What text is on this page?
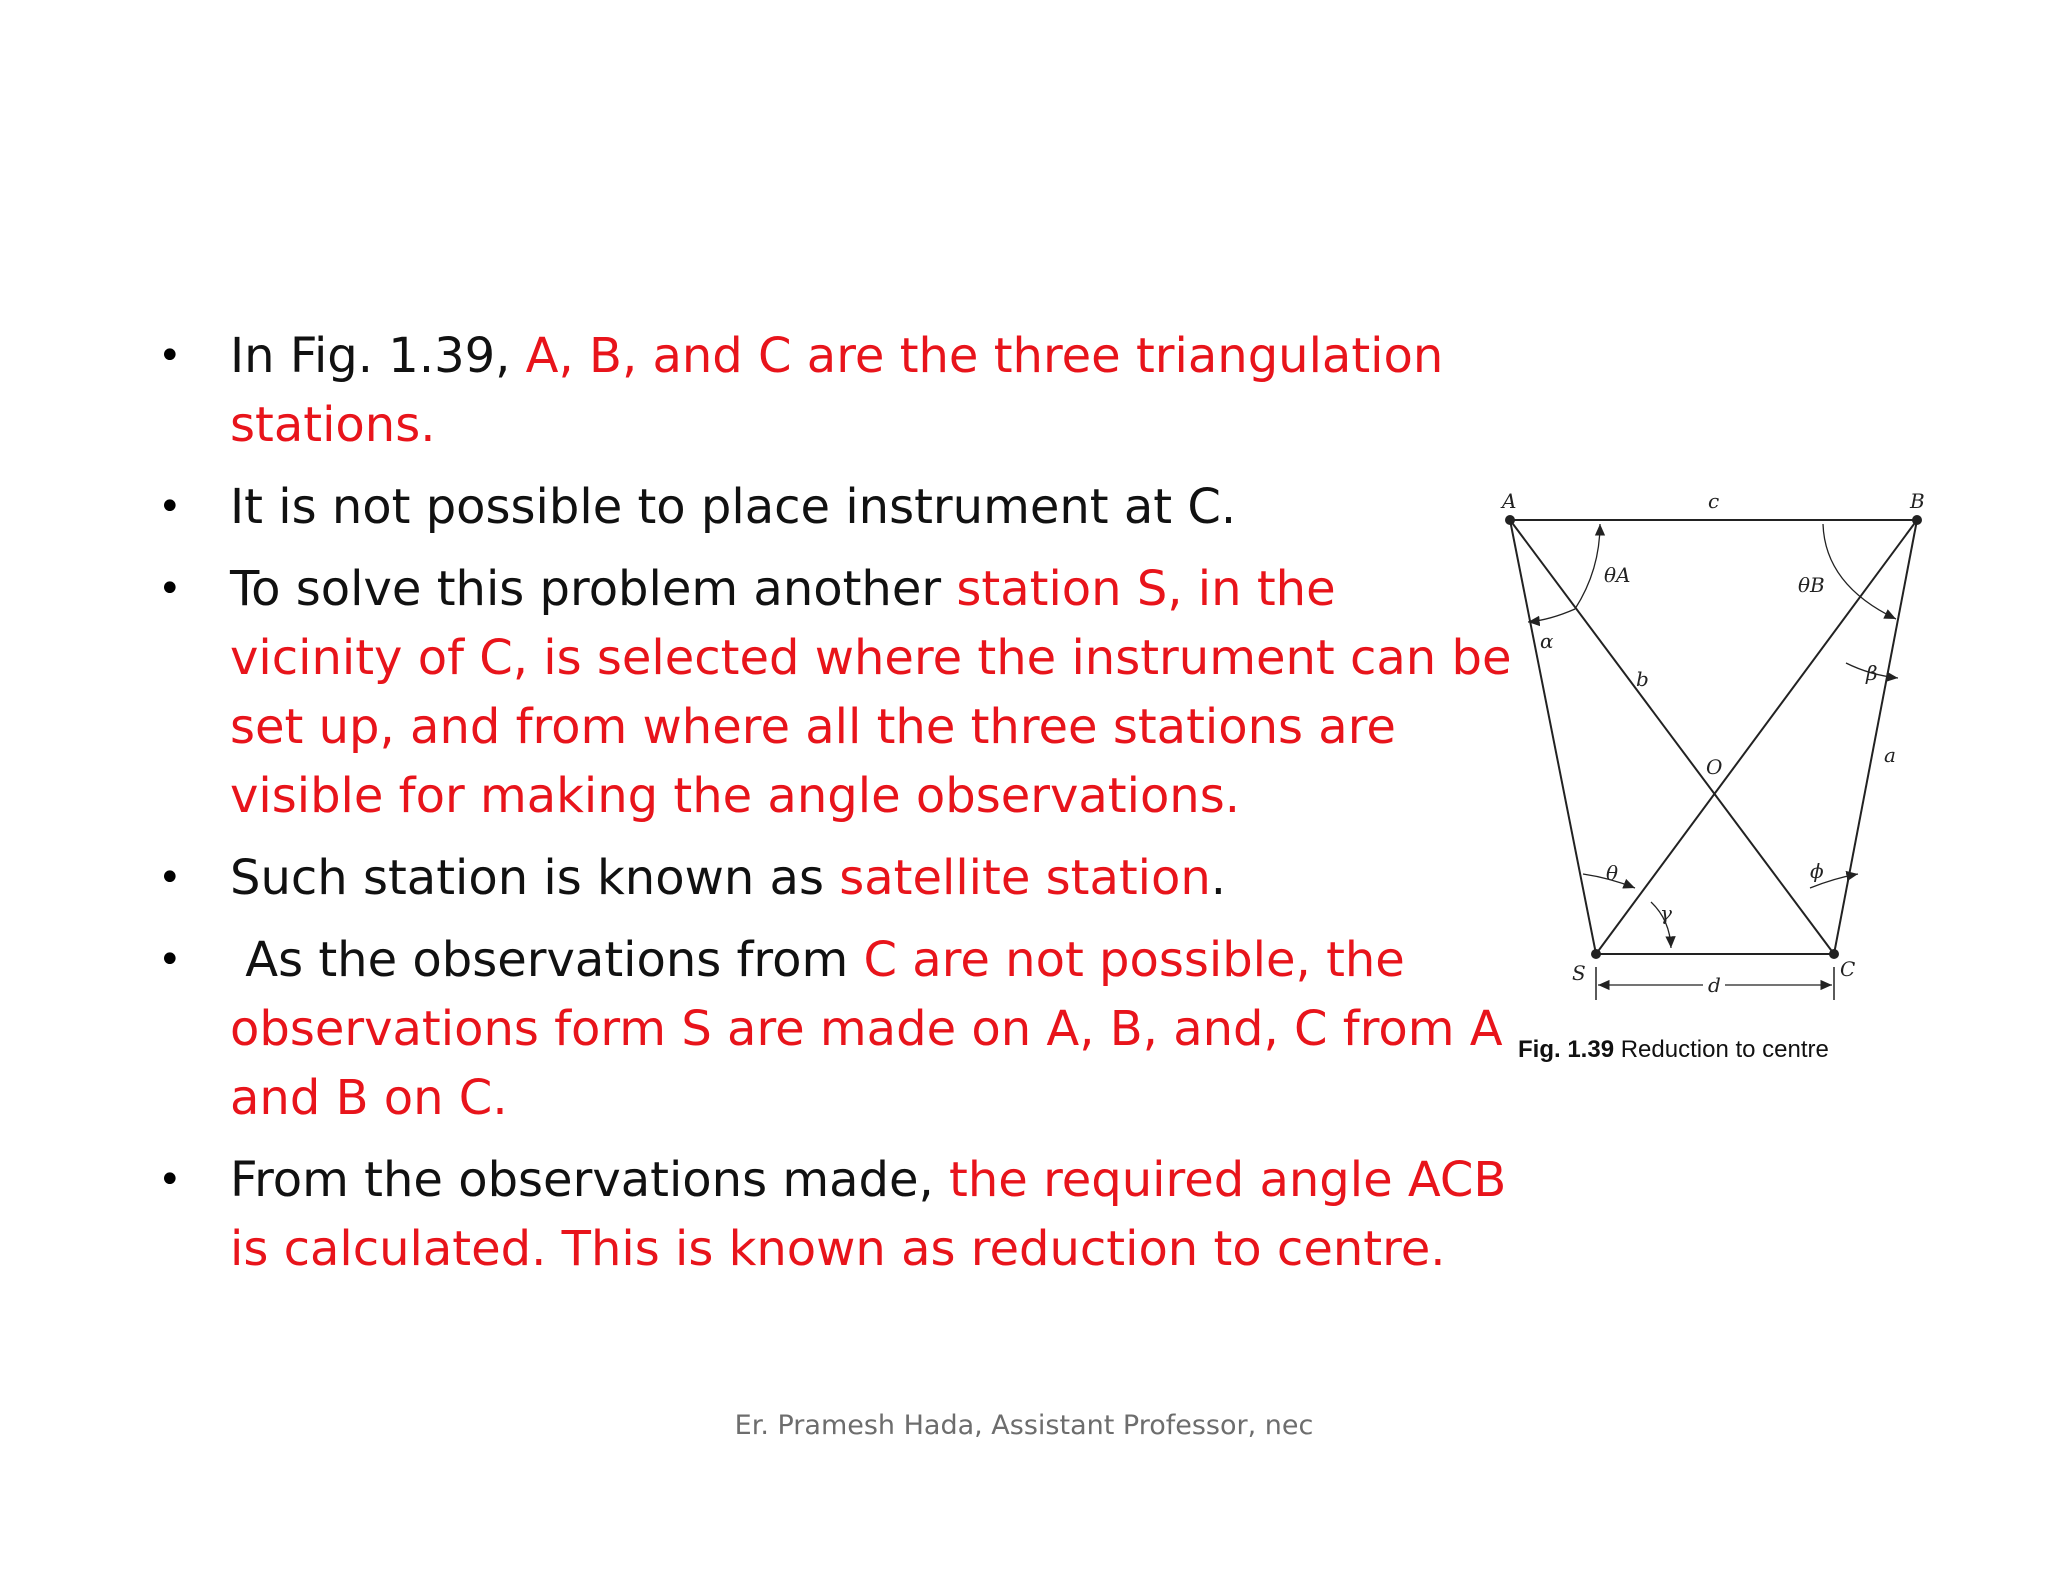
• In Fig. 1.39, A, B, and C are the three triangulation stations.
• It is not possible to place instrument at C.
• To solve this problem another station S, in the vicinity of C, is selected where the instrument can be set up, and from where all the three stations are visible for making the angle observations.
• Such station is known as satellite station.
• As the observations from C are not possible, the observations form S are made on A, B, and, C from A and B on C.
• From the observations made, the required angle ACB is calculated. This is known as reduction to centre.
A	B
c
θA	θB
α
β
b
a
O
θ
γ
ϕ
S	C
d
Fig. 1.39 Reduction to centre
Er. Pramesh Hada, Assistant Professor, nec
